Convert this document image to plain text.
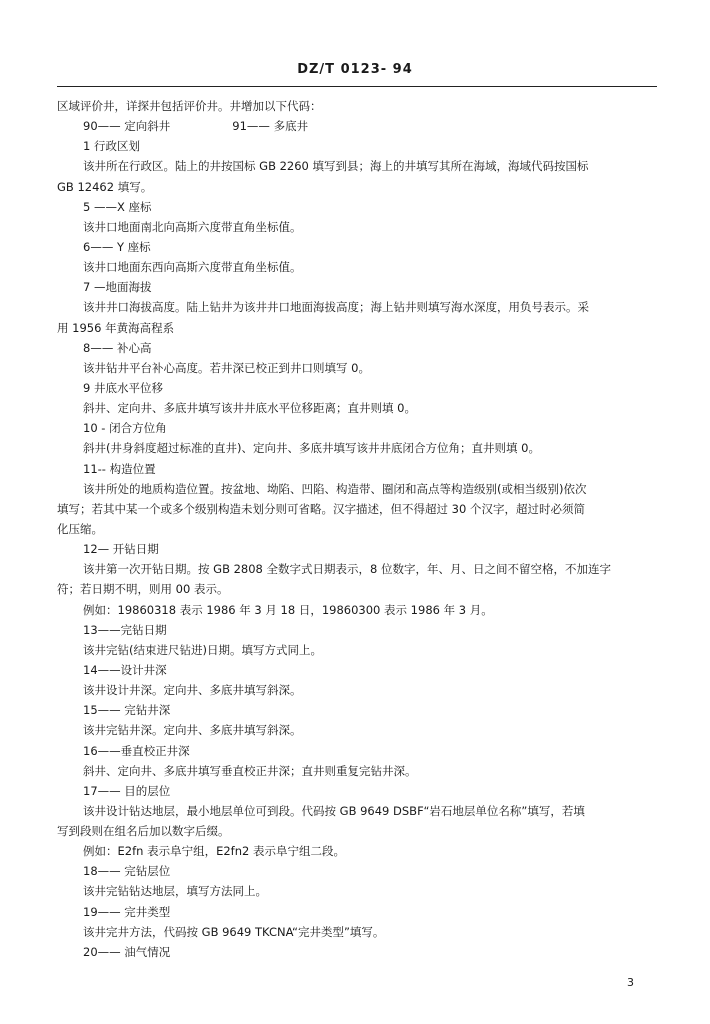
DZ/T 0123- 94
区域评价井，详探井包括评价井。井增加以下代码：
90—— 定向斜井	91—— 多底井
1 行政区划
该井所在行政区。陆上的井按国标 GB 2260 填写到县；海上的井填写其所在海域，海域代码按国标
GB 12462 填写。
5 ——X 座标
该井口地面南北向高斯六度带直角坐标值。
6—— Y 座标
该井口地面东西向高斯六度带直角坐标值。
7 —地面海拔
该井井口海拔高度。陆上钻井为该井井口地面海拔高度；海上钻井则填写海水深度，用负号表示。采
用 1956 年黄海高程系
8—— 补心高
该井钻井平台补心高度。若井深已校正到井口则填写 0。
9 井底水平位移
斜井、定向井、多底井填写该井井底水平位移距离；直井则填 0。
10 - 闭合方位角
斜井(井身斜度超过标准的直井)、定向井、多底井填写该井井底闭合方位角；直井则填 0。
11-- 构造位置
该井所处的地质构造位置。按盆地、坳陷、凹陷、构造带、圈闭和高点等构造级别(或相当级别)依次
填写；若其中某一个或多个级别构造未划分则可省略。汉字描述，但不得超过 30 个汉字，超过时必须简
化压缩。
12— 开钻日期
该井第一次开钻日期。按 GB 2808 全数字式日期表示，8 位数字，年、月、日之间不留空格，不加连字
符；若日期不明，则用 00 表示。
例如：19860318 表示 1986 年 3 月 18 日，19860300 表示 1986 年 3 月。
13——完钻日期
该井完钻(结束进尺钻进)日期。填写方式同上。
14——设计井深
该井设计井深。定向井、多底井填写斜深。
15—— 完钻井深
该井完钻井深。定向井、多底井填写斜深。
16——垂直校正井深
斜井、定向井、多底井填写垂直校正井深；直井则重复完钻井深。
17—— 目的层位
该井设计钻达地层，最小地层单位可到段。代码按 GB 9649 DSBF“岩石地层单位名称”填写，若填
写到段则在组名后加以数字后缀。
例如：E2fn 表示阜宁组，E2fn2 表示阜宁组二段。
18—— 完钻层位
该井完钻钻达地层，填写方法同上。
19—— 完井类型
该井完井方法，代码按 GB 9649 TKCNA“完井类型”填写。
20—— 油气情况
3
